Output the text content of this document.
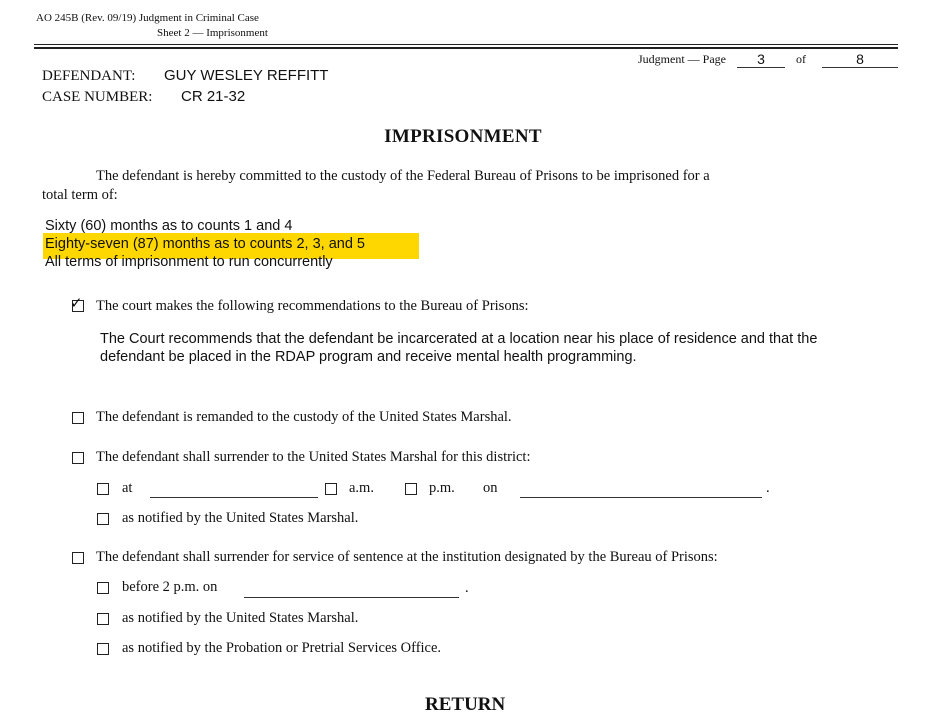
AO 245B (Rev. 09/19) Judgment in Criminal Case
Sheet 2 — Imprisonment
Judgment — Page	3	of	8
DEFENDANT: GUY WESLEY REFFITT
CASE NUMBER: CR 21-32
IMPRISONMENT
The defendant is hereby committed to the custody of the Federal Bureau of Prisons to be imprisoned for a
total term of:
Sixty (60) months as to counts 1 and 4
Eighty-seven (87) months as to counts 2, 3, and 5
All terms of imprisonment to run concurrently
✓ The court makes the following recommendations to the Bureau of Prisons:
The Court recommends that the defendant be incarcerated at a location near his place of residence and that the
defendant be placed in the RDAP program and receive mental health programming.
The defendant is remanded to the custody of the United States Marshal.
The defendant shall surrender to the United States Marshal for this district:
at	a.m.	p.m. on	.
as notified by the United States Marshal.
The defendant shall surrender for service of sentence at the institution designated by the Bureau of Prisons:
before 2 p.m. on	.
as notified by the United States Marshal.
as notified by the Probation or Pretrial Services Office.
RETURN
